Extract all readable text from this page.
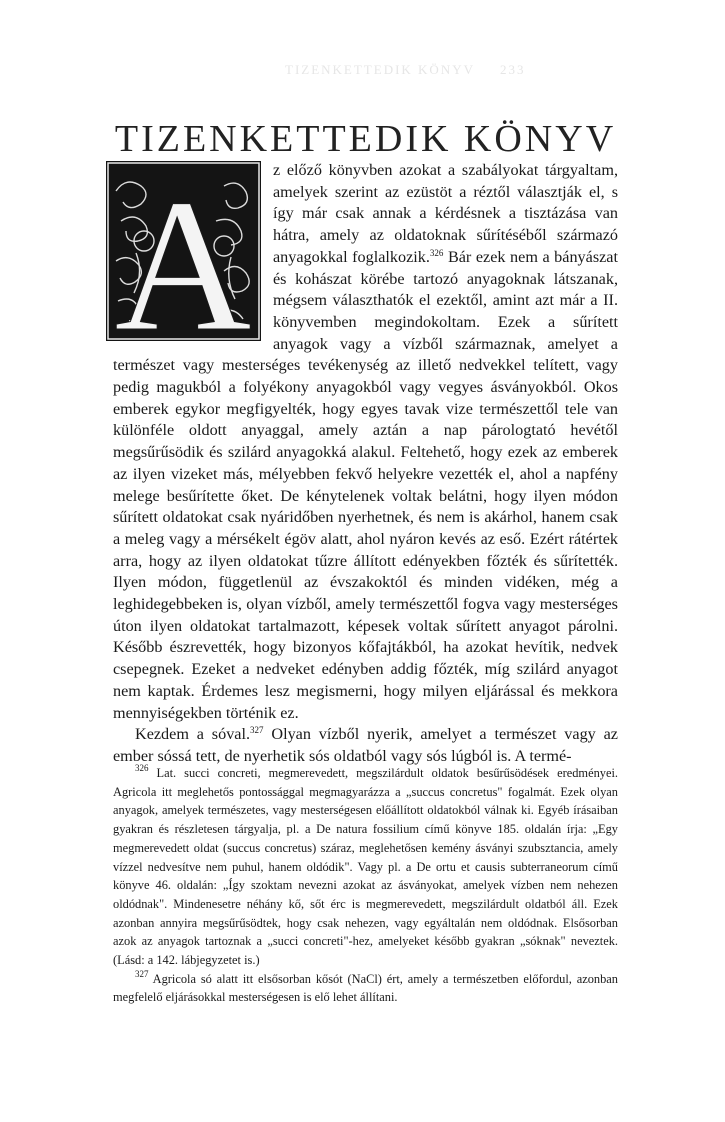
TIZENKETTEDIK KÖNYV 233
TIZENKETTEDIK KÖNYV
A	z előző könyvben azokat a szabályokat tárgyaltam, amelyek szerint az ezüstöt a réztől választják el, s így már csak annak a kérdésnek a tisztázása van hátra, amely az oldatoknak sűrítéséből származó anyagokkal foglalkozik.$^{326}$ Bár ezek nem a bányászat és kohászat körébe tartozó anyagoknak látszanak, mégsem választhatók el ezektől, amint azt már a II. könyvemben megindokoltam. Ezek a sűrített anyagok vagy a vízből származnak, amelyet a természet vagy mesterséges tevékenység az illető nedvekkel telített, vagy pedig magukból a folyékony anyagokból vagy vegyes ásványokból. Okos emberek egykor megfigyelték, hogy egyes tavak vize természettől tele van különféle oldott anyaggal, amely aztán a nap párologtató hevétől megsűrűsödik és szilárd anyagokká alakul. Feltehető, hogy ezek az emberek az ilyen vizeket más, mélyebben fekvő helyekre vezették el, ahol a napfény melege besűrítette őket. De kénytelenek voltak belátni, hogy ilyen módon sűrített oldatokat csak nyáridőben nyerhetnek, és nem is akárhol, hanem csak a meleg vagy a mérsékelt égöv alatt, ahol nyáron kevés az eső. Ezért rátértek arra, hogy az ilyen oldatokat tűzre állított edényekben főzték és sűrítették. Ilyen módon, függetlenül az évszakoktól és minden vidéken, még a leghidegebbeken is, olyan vízből, amely természettől fogva vagy mesterséges úton ilyen oldatokat tartalmazott, képesek voltak sűrített anyagot párolni. Később észrevették, hogy bizonyos kőfajtákból, ha azokat hevítik, nedvek csepegnek. Ezeket a nedveket edényben addig főzték, míg szilárd anyagot nem kaptak. Érdemes lesz megismerni, hogy milyen eljárással és mekkora mennyiségekben történik ez.

Kezdem a sóval.$^{327}$ Olyan vízből nyerik, amelyet a természet vagy az ember sóssá tett, de nyerhetik sós oldatból vagy sós lúgból is. A termé-

$^{326}$ Lat. succi concreti, megmerevedett, megszilárdult oldatok besűrűsödések eredményei. Agricola itt meglehetős pontossággal megmagyarázza a „succus concretus" fogalmát. Ezek olyan anyagok, amelyek természetes, vagy mesterségesen előállított oldatokból válnak ki. Egyéb írásaiban gyakran és részletesen tárgyalja, pl. a De natura fossilium című könyve 185. oldalán írja: „Egy megmerevedett oldat (succus concretus) száraz, meglehetősen kemény ásványi szubsztancia, amely vízzel nedvesítve nem puhul, hanem oldódik". Vagy pl. a De ortu et causis subterraneorum című könyve 46. oldalán: „Így szoktam nevezni azokat az ásványokat, amelyek vízben nem nehezen oldódnak". Mindenesetre néhány kő, sőt érc is megmerevedett, megszilárdult oldatból áll. Ezek azonban annyira megsűrűsödtek, hogy csak nehezen, vagy egyáltalán nem oldódnak. Elsősorban azok az anyagok tartoznak a „succi concreti"-hez, amelyeket később gyakran „sóknak" neveztek. (Lásd: a 142. lábjegyzetet is.)

$^{327}$ Agricola só alatt itt elsősorban kősót (NaCl) ért, amely a természetben előfordul, azonban megfelelő eljárásokkal mesterségesen is elő lehet állítani.
